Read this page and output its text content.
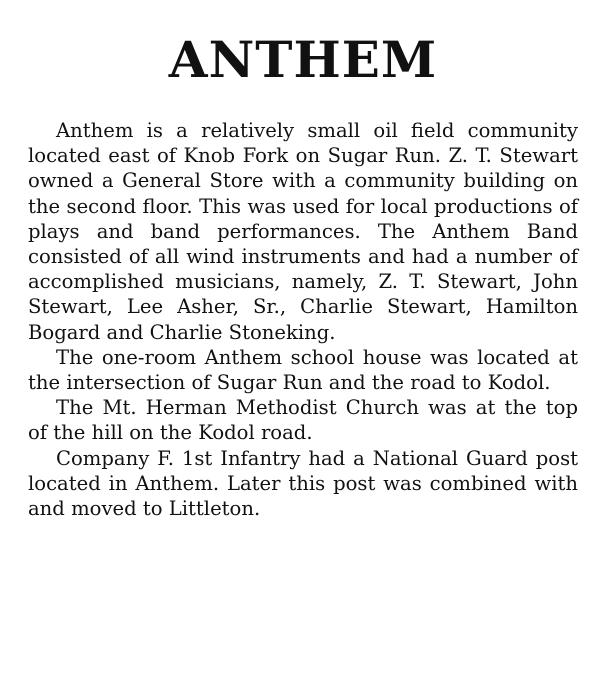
ANTHEM

Anthem is a relatively small oil field community located east of Knob Fork on Sugar Run. Z. T. Stewart owned a General Store with a community building on the second floor. This was used for local productions of plays and band performances. The Anthem Band consisted of all wind instruments and had a number of accomplished musicians, namely, Z. T. Stewart, John Stewart, Lee Asher, Sr., Charlie Stewart, Hamilton Bogard and Charlie Stoneking.

The one-room Anthem school house was located at the intersection of Sugar Run and the road to Kodol.

The Mt. Herman Methodist Church was at the top of the hill on the Kodol road.

Company F. 1st Infantry had a National Guard post located in Anthem. Later this post was combined with and moved to Littleton.
